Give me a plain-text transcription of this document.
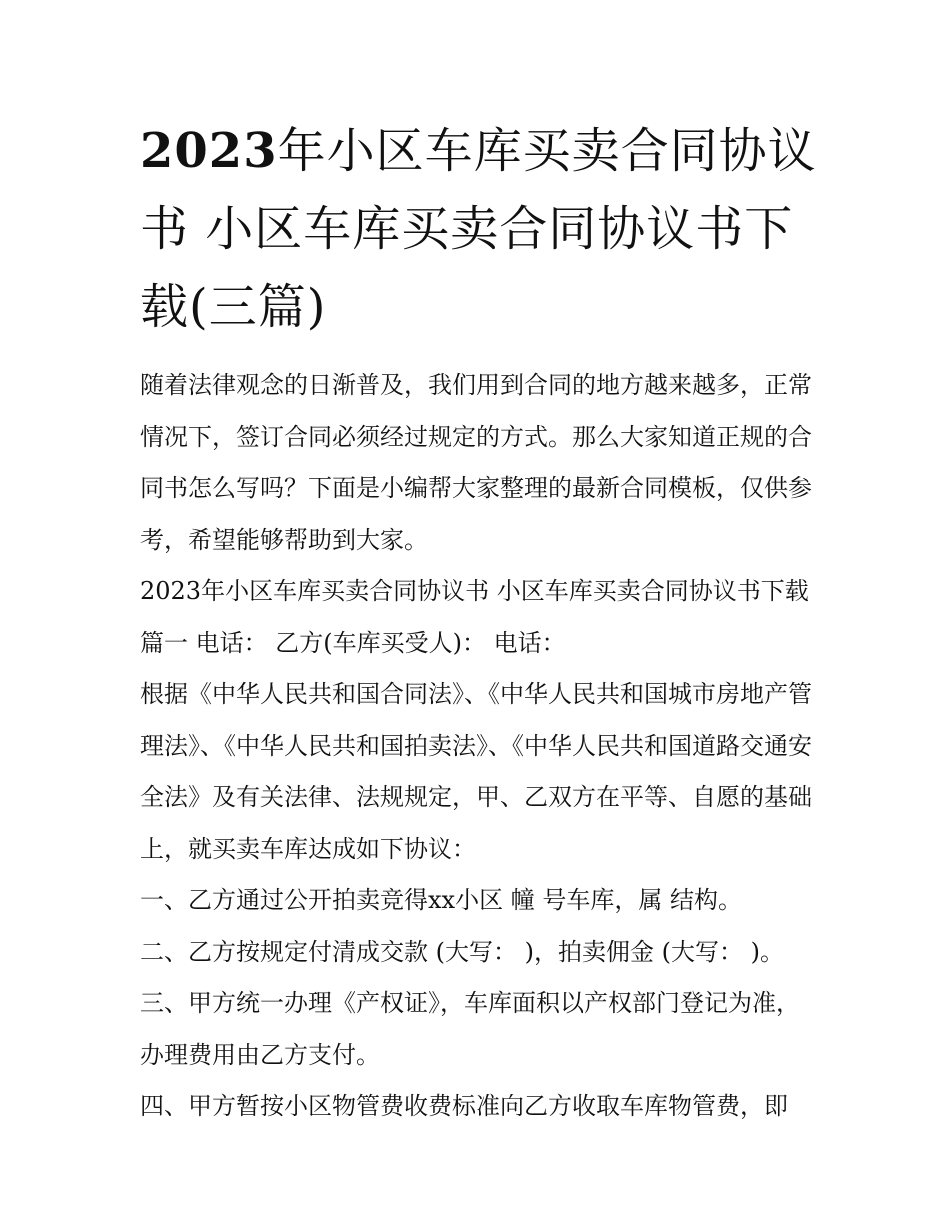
2023年小区车库买卖合同协议书 小区车库买卖合同协议书下载(三篇)

随着法律观念的日渐普及，我们用到合同的地方越来越多，正常情况下，签订合同必须经过规定的方式。那么大家知道正规的合同书怎么写吗？下面是小编帮大家整理的最新合同模板，仅供参考，希望能够帮助到大家。

2023年小区车库买卖合同协议书 小区车库买卖合同协议书下载篇一 电话： 乙方(车库买受人)： 电话：

根据《中华人民共和国合同法》、《中华人民共和国城市房地产管理法》、《中华人民共和国拍卖法》、《中华人民共和国道路交通安全法》及有关法律、法规规定，甲、乙双方在平等、自愿的基础上，就买卖车库达成如下协议：

一、乙方通过公开拍卖竞得xx小区 幢 号车库，属 结构。

二、乙方按规定付清成交款 (大写： )，拍卖佣金 (大写： )。

三、甲方统一办理《产权证》，车库面积以产权部门登记为准，办理费用由乙方支付。

四、甲方暂按小区物管费收费标准向乙方收取车库物管费，即
